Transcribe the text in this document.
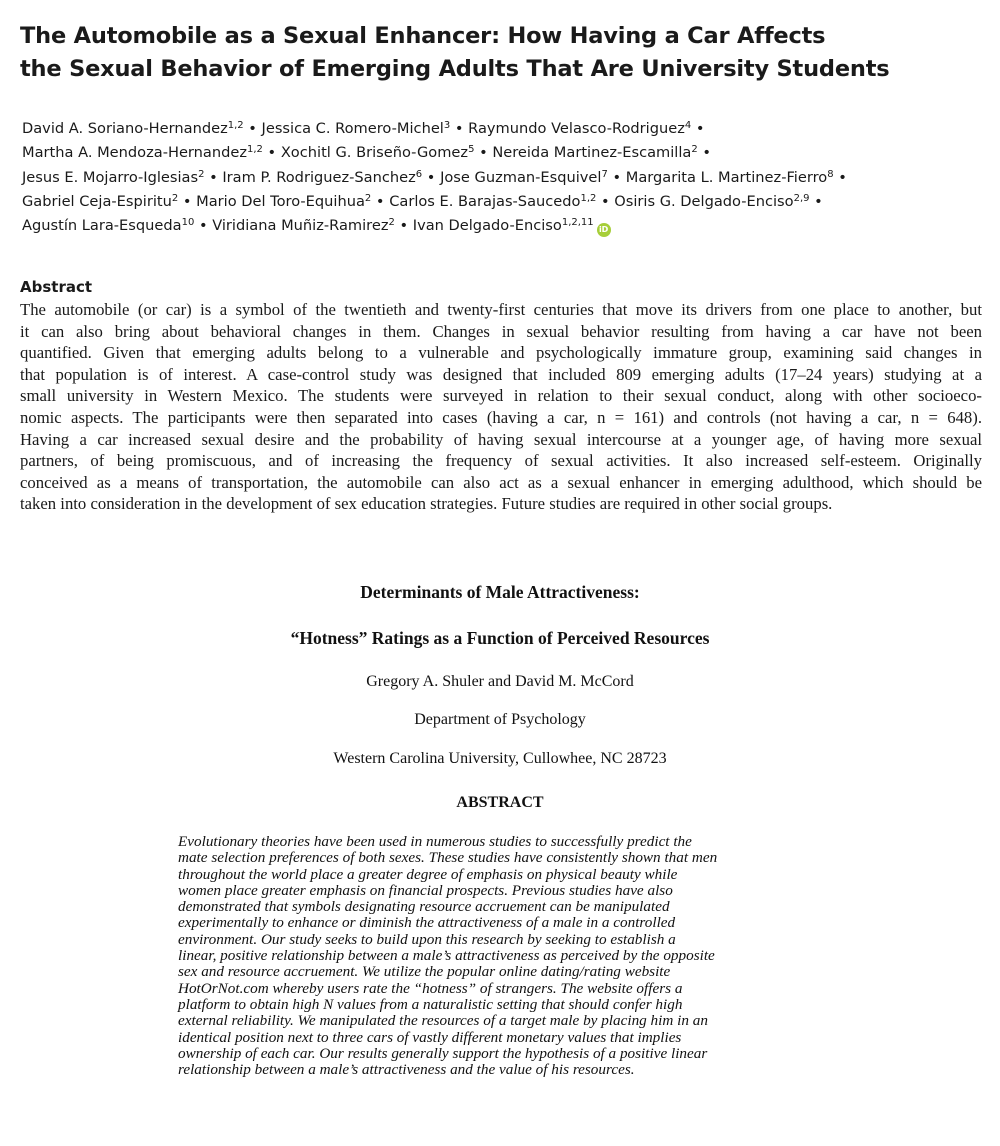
The Automobile as a Sexual Enhancer: How Having a Car Affects
the Sexual Behavior of Emerging Adults That Are University Students
David A. Soriano-Hernandez$^{1,2}$ • Jessica C. Romero-Michel$^3$ • Raymundo Velasco-Rodriguez$^4$ •
Martha A. Mendoza-Hernandez$^{1,2}$ • Xochitl G. Briseño-Gomez$^5$ • Nereida Martinez-Escamilla$^2$ •
Jesus E. Mojarro-Iglesias$^2$ • Iram P. Rodriguez-Sanchez$^6$ • Jose Guzman-Esquivel$^7$ • Margarita L. Martinez-Fierro$^8$ •
Gabriel Ceja-Espiritu$^2$ • Mario Del Toro-Equihua$^2$ • Carlos E. Barajas-Saucedo$^{1,2}$ • Osiris G. Delgado-Enciso$^{2,9}$ •
Agustín Lara-Esqueda$^{10}$ • Viridiana Muñiz-Ramirez$^2$ • Ivan Delgado-Enciso$^{1,2,11}$iD
Abstract
The automobile (or car) is a symbol of the twentieth and twenty-first centuries that move its drivers from one place to another, but
it can also bring about behavioral changes in them. Changes in sexual behavior resulting from having a car have not been
quantified. Given that emerging adults belong to a vulnerable and psychologically immature group, examining said changes in
that population is of interest. A case-control study was designed that included 809 emerging adults (17–24 years) studying at a
small university in Western Mexico. The students were surveyed in relation to their sexual conduct, along with other socioeco-
nomic aspects. The participants were then separated into cases (having a car, n = 161) and controls (not having a car, n = 648).
Having a car increased sexual desire and the probability of having sexual intercourse at a younger age, of having more sexual
partners, of being promiscuous, and of increasing the frequency of sexual activities. It also increased self-esteem. Originally
conceived as a means of transportation, the automobile can also act as a sexual enhancer in emerging adulthood, which should be
taken into consideration in the development of sex education strategies. Future studies are required in other social groups.
Determinants of Male Attractiveness:
“Hotness” Ratings as a Function of Perceived Resources
Gregory A. Shuler and David M. McCord
Department of Psychology
Western Carolina University, Cullowhee, NC 28723
ABSTRACT
Evolutionary theories have been used in numerous studies to successfully predict the
mate selection preferences of both sexes. These studies have consistently shown that men
throughout the world place a greater degree of emphasis on physical beauty while
women place greater emphasis on financial prospects. Previous studies have also
demonstrated that symbols designating resource accruement can be manipulated
experimentally to enhance or diminish the attractiveness of a male in a controlled
environment. Our study seeks to build upon this research by seeking to establish a
linear, positive relationship between a male’s attractiveness as perceived by the opposite
sex and resource accruement. We utilize the popular online dating/rating website
HotOrNot.com whereby users rate the “hotness” of strangers. The website offers a
platform to obtain high N values from a naturalistic setting that should confer high
external reliability. We manipulated the resources of a target male by placing him in an
identical position next to three cars of vastly different monetary values that implies
ownership of each car. Our results generally support the hypothesis of a positive linear
relationship between a male’s attractiveness and the value of his resources.
